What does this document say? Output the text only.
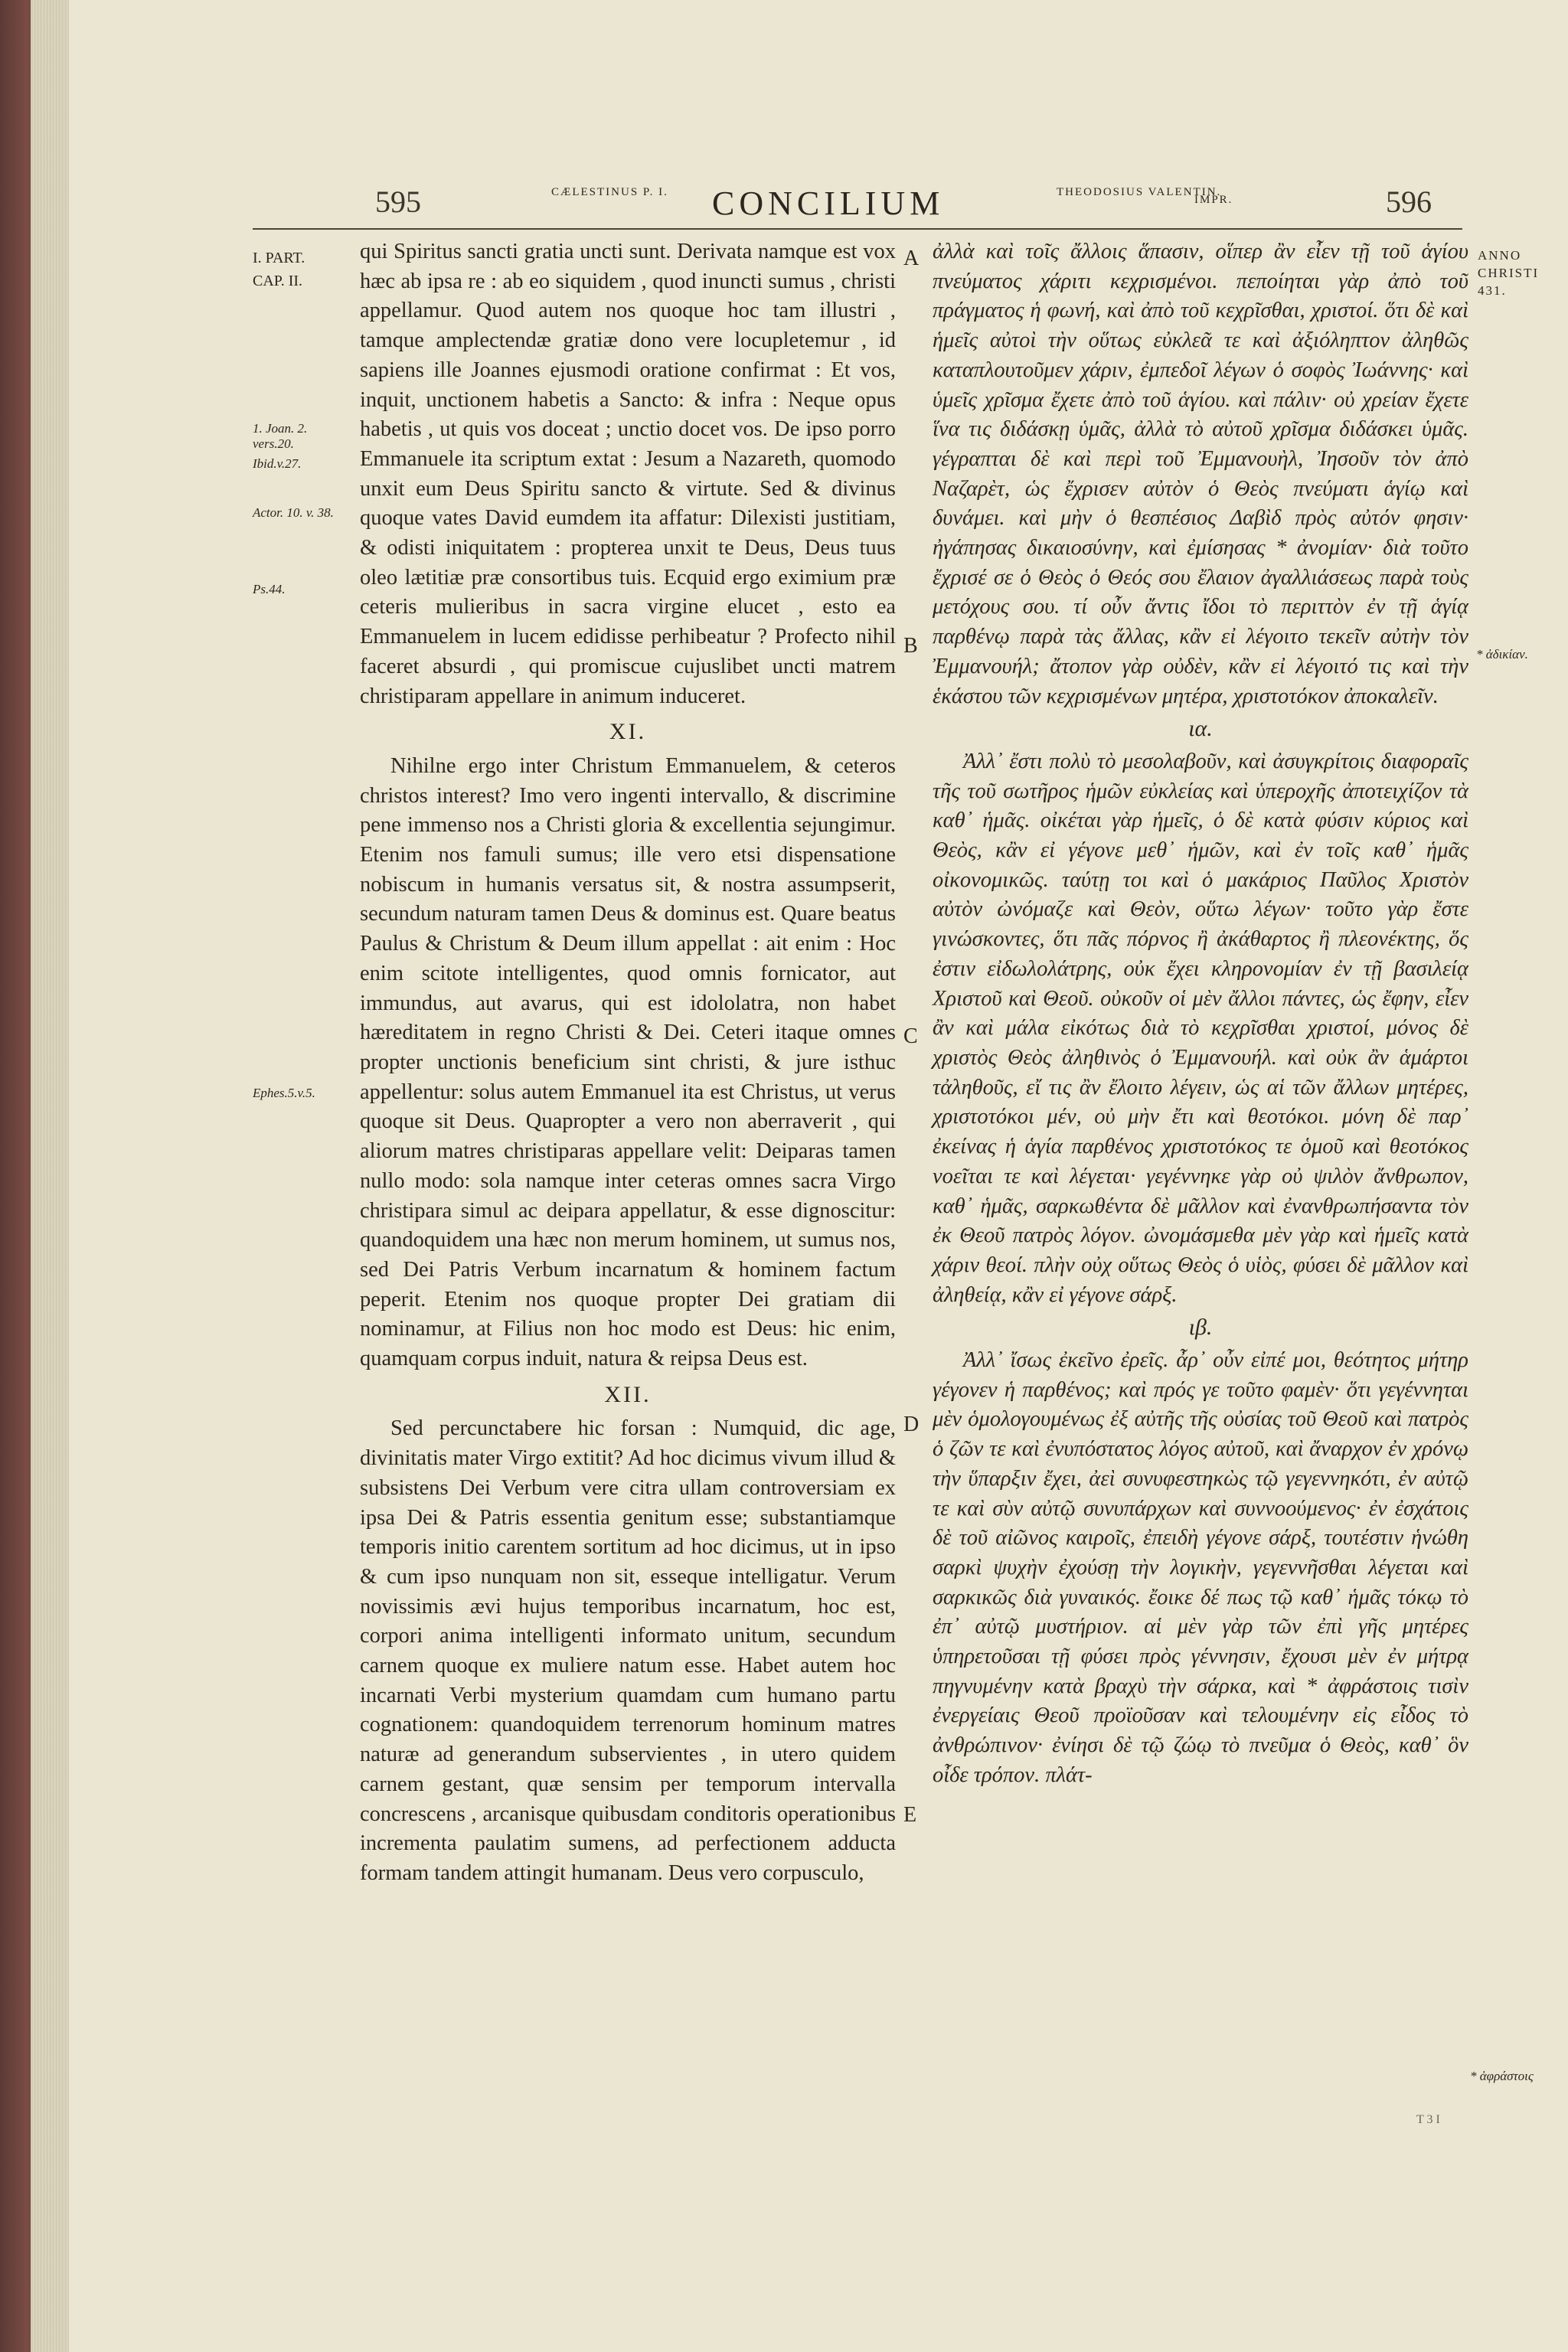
595	CÆLESTINUS P. I. CONCILIUM	THEODOSIUS VALENTIN.
IMPR.	596
I. PART.
CAP. II.
1. Joan. 2. vers.20.
Ibid.v.27.
Actor. 10. v. 38.
Ps.44.
Ephes.5.v.5.
ANNO CHRISTI 431.
* ἀδικίαν.
* ἀφράστοις
A
B
C
D
E

qui Spiritus sancti gratia uncti sunt. Derivata namque est vox hæc ab ipsa re : ab eo siquidem , quod inuncti sumus , christi appellamur. Quod autem nos quoque hoc tam illustri , tamque amplectendæ gratiæ dono vere locupletemur , id sapiens ille Joannes ejusmodi oratione confirmat : Et vos, inquit, unctionem habetis a Sancto: & infra : Neque opus habetis , ut quis vos doceat ; unctio docet vos. De ipso porro Emmanuele ita scriptum extat : Jesum a Nazareth, quomodo unxit eum Deus Spiritu sancto & virtute. Sed & divinus quoque vates David eumdem ita affatur: Dilexisti justitiam, & odisti iniquitatem : propterea unxit te Deus, Deus tuus oleo lætitiæ præ consortibus tuis. Ecquid ergo eximium præ ceteris mulieribus in sacra virgine elucet , esto ea Emmanuelem in lucem edidisse perhibeatur ? Profecto nihil faceret absurdi , qui promiscue cujuslibet uncti matrem christiparam appellare in animum induceret.

XI.

Nihilne ergo inter Christum Emmanuelem, & ceteros christos interest? Imo vero ingenti intervallo, & discrimine pene immenso nos a Christi gloria & excellentia sejungimur. Etenim nos famuli sumus; ille vero etsi dispensatione nobiscum in humanis versatus sit, & nostra assumpserit, secundum naturam tamen Deus & dominus est. Quare beatus Paulus & Christum & Deum illum appellat : ait enim : Hoc enim scitote intelligentes, quod omnis fornicator, aut immundus, aut avarus, qui est idololatra, non habet hæreditatem in regno Christi & Dei. Ceteri itaque omnes propter unctionis beneficium sint christi, & jure isthuc appellentur: solus autem Emmanuel ita est Christus, ut verus quoque sit Deus. Quapropter a vero non aberraverit , qui aliorum matres christiparas appellare velit: Deiparas tamen nullo modo: sola namque inter ceteras omnes sacra Virgo christipara simul ac deipara appellatur, & esse dignoscitur: quandoquidem una hæc non merum hominem, ut sumus nos, sed Dei Patris Verbum incarnatum & hominem factum peperit. Etenim nos quoque propter Dei gratiam dii nominamur, at Filius non hoc modo est Deus: hic enim, quamquam corpus induit, natura & reipsa Deus est.

XII.

Sed percunctabere hic forsan : Numquid, dic age, divinitatis mater Virgo extitit? Ad hoc dicimus vivum illud & subsistens Dei Verbum vere citra ullam controversiam ex ipsa Dei & Patris essentia genitum esse; substantiamque temporis initio carentem sortitum ad hoc dicimus, ut in ipso & cum ipso nunquam non sit, esseque intelligatur. Verum novissimis ævi hujus temporibus incarnatum, hoc est, corpori anima intelligenti informato unitum, secundum carnem quoque ex muliere natum esse. Habet autem hoc incarnati Verbi mysterium quamdam cum humano partu cognationem: quandoquidem terrenorum hominum matres naturæ ad generandum subservientes , in utero quidem carnem gestant, quæ sensim per temporum intervalla concrescens , arcanisque quibusdam conditoris operationibus incrementa paulatim sumens, ad perfectionem adducta formam tandem attingit humanam. Deus vero corpusculo,

ἀλλὰ καὶ τοῖς ἄλλοις ἅπασιν, οἵπερ ἂν εἶεν τῇ τοῦ ἁγίου πνεύματος χάριτι κεχρισμένοι. πεποίηται γὰρ ἀπὸ τοῦ πράγματος ἡ φωνή, καὶ ἀπὸ τοῦ κεχρῖσθαι, χριστοί. ὅτι δὲ καὶ ἡμεῖς αὐτοὶ τὴν οὕτως εὐκλεᾶ τε καὶ ἀξιόληπτον ἀληθῶς καταπλουτοῦμεν χάριν, ἐμπεδοῖ λέγων ὁ σοφὸς Ἰωάννης· καὶ ὑμεῖς χρῖσμα ἔχετε ἀπὸ τοῦ ἁγίου. καὶ πάλιν· οὐ χρείαν ἔχετε ἵνα τις διδάσκῃ ὑμᾶς, ἀλλὰ τὸ αὐτοῦ χρῖσμα διδάσκει ὑμᾶς. γέγραπται δὲ καὶ περὶ τοῦ Ἐμμανουὴλ, Ἰησοῦν τὸν ἀπὸ Ναζαρὲτ, ὡς ἔχρισεν αὐτὸν ὁ Θεὸς πνεύματι ἁγίῳ καὶ δυνάμει. καὶ μὴν ὁ θεσπέσιος Δαβὶδ πρὸς αὐτόν φησιν· ἠγάπησας δικαιοσύνην, καὶ ἐμίσησας * ἀνομίαν· διὰ τοῦτο ἔχρισέ σε ὁ Θεὸς ὁ Θεός σου ἔλαιον ἀγαλλιάσεως παρὰ τοὺς μετόχους σου. τί οὖν ἄντις ἴδοι τὸ περιττὸν ἐν τῇ ἁγίᾳ παρθένῳ παρὰ τὰς ἄλλας, κἂν εἰ λέγοιτο τεκεῖν αὐτὴν τὸν Ἐμμανουήλ; ἄτοπον γὰρ οὐδὲν, κἂν εἰ λέγοιτό τις καὶ τὴν ἑκάστου τῶν κεχρισμένων μητέρα, χριστοτόκον ἀποκαλεῖν.

ια.

Ἀλλ᾽ ἔστι πολὺ τὸ μεσολαβοῦν, καὶ ἀσυγκρίτοις διαφοραῖς τῆς τοῦ σωτῆρος ἡμῶν εὐκλείας καὶ ὑπεροχῆς ἀποτειχίζον τὰ καθ᾽ ἡμᾶς. οἰκέται γὰρ ἡμεῖς, ὁ δὲ κατὰ φύσιν κύριος καὶ Θεὸς, κἂν εἰ γέγονε μεθ᾽ ἡμῶν, καὶ ἐν τοῖς καθ᾽ ἡμᾶς οἰκονομικῶς. ταύτῃ τοι καὶ ὁ μακάριος Παῦλος Χριστὸν αὐτὸν ὠνόμαζε καὶ Θεὸν, οὕτω λέγων· τοῦτο γὰρ ἔστε γινώσκοντες, ὅτι πᾶς πόρνος ἢ ἀκάθαρτος ἢ πλεονέκτης, ὅς ἐστιν εἰδωλολάτρης, οὐκ ἔχει κληρονομίαν ἐν τῇ βασιλείᾳ Χριστοῦ καὶ Θεοῦ. οὐκοῦν οἱ μὲν ἄλλοι πάντες, ὡς ἔφην, εἶεν ἂν καὶ μάλα εἰκότως διὰ τὸ κεχρῖσθαι χριστοί, μόνος δὲ χριστὸς Θεὸς ἀληθινὸς ὁ Ἐμμανουήλ. καὶ οὐκ ἂν ἁμάρτοι τἀληθοῦς, εἴ τις ἂν ἔλοιτο λέγειν, ὡς αἱ τῶν ἄλλων μητέρες, χριστοτόκοι μέν, οὐ μὴν ἔτι καὶ θεοτόκοι. μόνη δὲ παρ᾽ ἐκείνας ἡ ἁγία παρθένος χριστοτόκος τε ὁμοῦ καὶ θεοτόκος νοεῖται τε καὶ λέγεται· γεγέννηκε γὰρ οὐ ψιλὸν ἄνθρωπον, καθ᾽ ἡμᾶς, σαρκωθέντα δὲ μᾶλλον καὶ ἐνανθρωπήσαντα τὸν ἐκ Θεοῦ πατρὸς λόγον. ὠνομάσμεθα μὲν γὰρ καὶ ἡμεῖς κατὰ χάριν θεοί. πλὴν οὐχ οὕτως Θεὸς ὁ υἱὸς, φύσει δὲ μᾶλλον καὶ ἀληθείᾳ, κἂν εἰ γέγονε σάρξ.

ιβ.

Ἀλλ᾽ ἴσως ἐκεῖνο ἐρεῖς. ἆρ᾽ οὖν εἰπέ μοι, θεότητος μήτηρ γέγονεν ἡ παρθένος; καὶ πρός γε τοῦτο φαμὲν· ὅτι γεγέννηται μὲν ὁμολογουμένως ἐξ αὐτῆς τῆς οὐσίας τοῦ Θεοῦ καὶ πατρὸς ὁ ζῶν τε καὶ ἐνυπόστατος λόγος αὐτοῦ, καὶ ἄναρχον ἐν χρόνῳ τὴν ὕπαρξιν ἔχει, ἀεὶ συνυφεστηκὼς τῷ γεγεννηκότι, ἐν αὐτῷ τε καὶ σὺν αὐτῷ συνυπάρχων καὶ συννοούμενος· ἐν ἐσχάτοις δὲ τοῦ αἰῶνος καιροῖς, ἐπειδὴ γέγονε σάρξ, τουτέστιν ἡνώθη σαρκὶ ψυχὴν ἐχούσῃ τὴν λογικὴν, γεγεννῆσθαι λέγεται καὶ σαρκικῶς διὰ γυναικός. ἔοικε δέ πως τῷ καθ᾽ ἡμᾶς τόκῳ τὸ ἐπ᾽ αὐτῷ μυστήριον. αἱ μὲν γὰρ τῶν ἐπὶ γῆς μητέρες ὑπηρετοῦσαι τῇ φύσει πρὸς γέννησιν, ἔχουσι μὲν ἐν μήτρᾳ πηγνυμένην κατὰ βραχὺ τὴν σάρκα, καὶ * ἀφράστοις τισὶν ἐνεργείαις Θεοῦ προϊοῦσαν καὶ τελουμένην εἰς εἶδος τὸ ἀνθρώπινον· ἐνίησι δὲ τῷ ζώῳ τὸ πνεῦμα ὁ Θεὸς, καθ᾽ ὃν οἶδε τρόπον. πλάτ-

T 3 I
